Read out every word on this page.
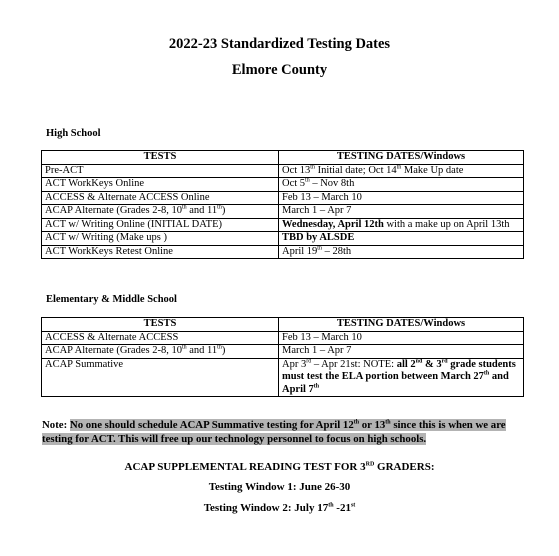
2022-23 Standardized Testing Dates
Elmore County

High School

TESTS	TESTING DATES/Windows
Pre-ACT	Oct 13th Initial date; Oct 14th Make Up date
ACT WorkKeys Online	Oct 5th – Nov 8th
ACCESS & Alternate ACCESS Online	Feb 13 – March 10
ACAP Alternate (Grades 2-8, 10th and 11th)	March 1 – Apr 7
ACT w/ Writing Online (INITIAL DATE)	Wednesday, April 12th with a make up on April 13th
ACT w/ Writing (Make ups )	TBD by ALSDE
ACT WorkKeys Retest Online	April 19th – 28th

Elementary & Middle School

TESTS	TESTING DATES/Windows
ACCESS & Alternate ACCESS	Feb 13 – March 10
ACAP Alternate (Grades 2-8, 10th and 11th)	March 1 – Apr 7
ACAP Summative	Apr 3rd – Apr 21st: NOTE: all 2nd & 3rd grade students must test the ELA portion between March 27th and April 7th

Note: No one should schedule ACAP Summative testing for April 12th or 13th since this is when we are testing for ACT. This will free up our technology personnel to focus on high schools.

ACAP SUPPLEMENTAL READING TEST FOR 3RD GRADERS:

Testing Window 1: June 26-30

Testing Window 2: July 17th -21st
